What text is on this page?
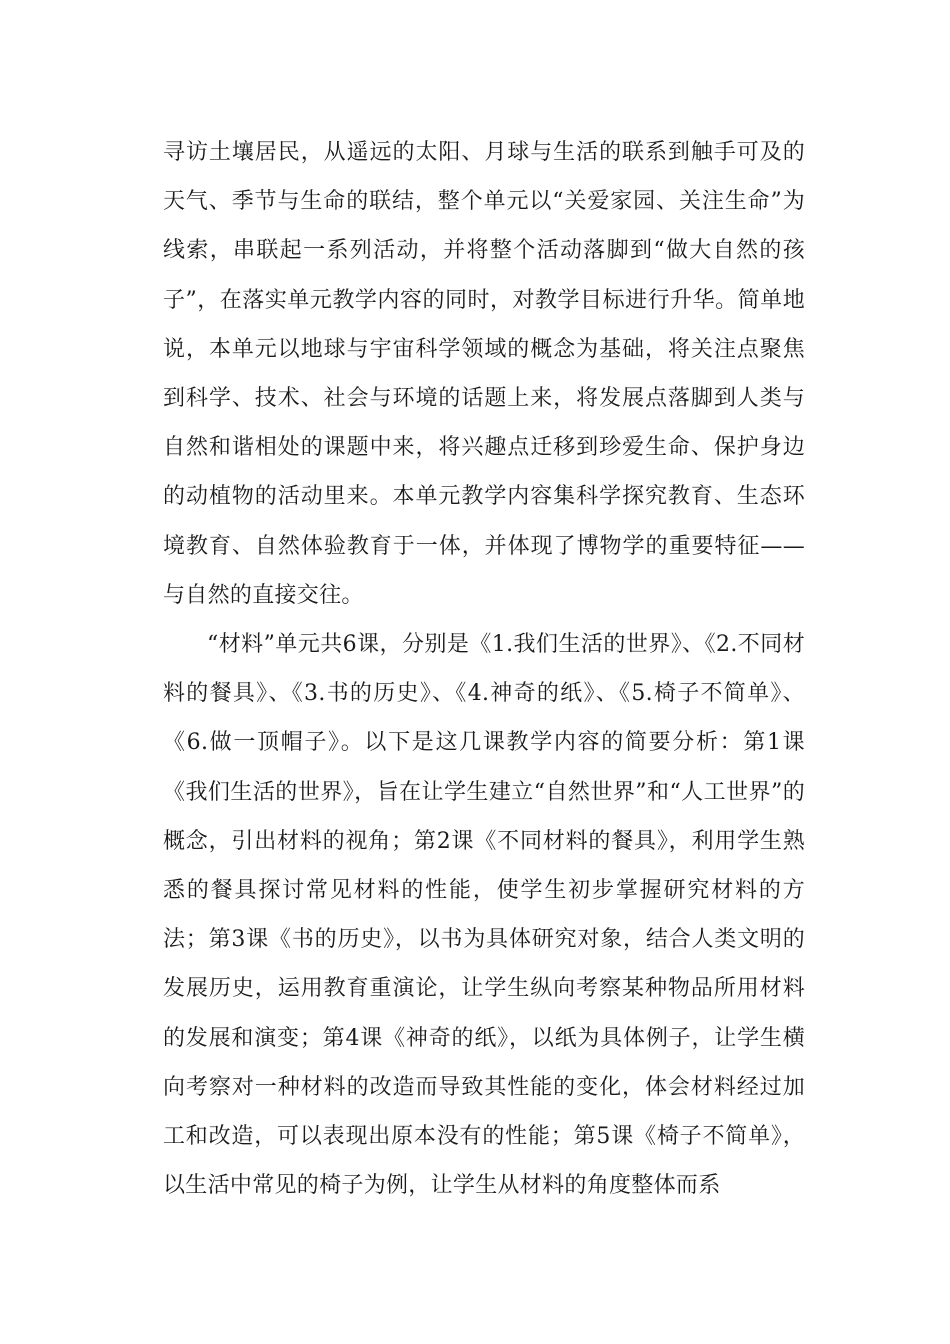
寻访土壤居民，从遥远的太阳、月球与生活的联系到触手可及的天气、季节与生命的联结，整个单元以“关爱家园、关注生命”为线索，串联起一系列活动，并将整个活动落脚到“做大自然的孩子”，在落实单元教学内容的同时，对教学目标进行升华。简单地说，本单元以地球与宇宙科学领域的概念为基础，将关注点聚焦到科学、技术、社会与环境的话题上来，将发展点落脚到人类与自然和谐相处的课题中来，将兴趣点迁移到珍爱生命、保护身边的动植物的活动里来。本单元教学内容集科学探究教育、生态环境教育、自然体验教育于一体，并体现了博物学的重要特征——与自然的直接交往。

“材料”单元共6课，分别是《1.我们生活的世界》、《2.不同材料的餐具》、《3.书的历史》、《4.神奇的纸》、《5.椅子不简单》、《6.做一顶帽子》。以下是这几课教学内容的简要分析：第1课《我们生活的世界》，旨在让学生建立“自然世界”和“人工世界”的概念，引出材料的视角；第2课《不同材料的餐具》，利用学生熟悉的餐具探讨常见材料的性能，使学生初步掌握研究材料的方法；第3课《书的历史》，以书为具体研究对象，结合人类文明的发展历史，运用教育重演论，让学生纵向考察某种物品所用材料的发展和演变；第4课《神奇的纸》，以纸为具体例子，让学生横向考察对一种材料的改造而导致其性能的变化，体会材料经过加工和改造，可以表现出原本没有的性能；第5课《椅子不简单》，以生活中常见的椅子为例，让学生从材料的角度整体而系
